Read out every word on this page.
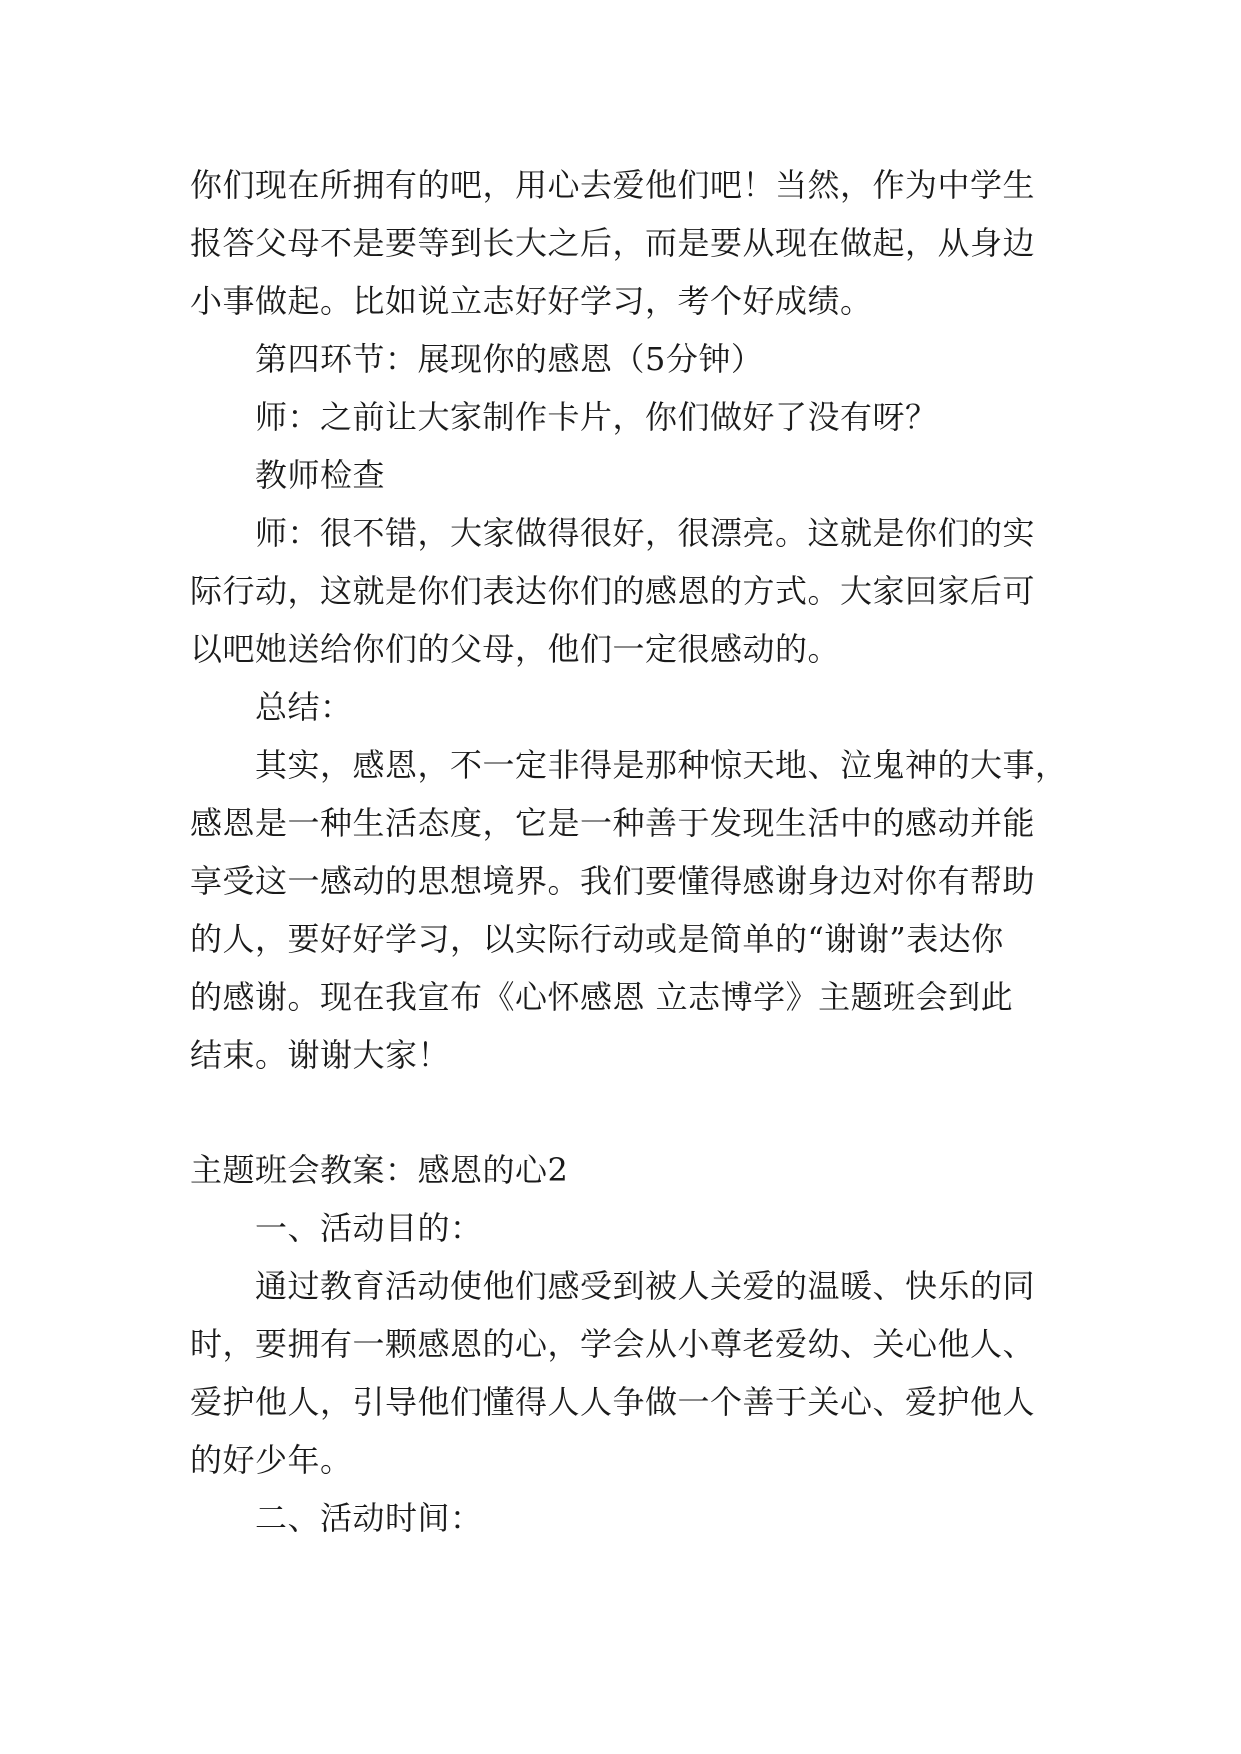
你们现在所拥有的吧，用心去爱他们吧！当然，作为中学生
报答父母不是要等到长大之后，而是要从现在做起，从身边
小事做起。比如说立志好好学习，考个好成绩。
第四环节：展现你的感恩（5分钟）
师：之前让大家制作卡片，你们做好了没有呀？
教师检查
师：很不错，大家做得很好，很漂亮。这就是你们的实
际行动，这就是你们表达你们的感恩的方式。大家回家后可
以吧她送给你们的父母，他们一定很感动的。
总结：
其实，感恩，不一定非得是那种惊天地、泣鬼神的大事，
感恩是一种生活态度，它是一种善于发现生活中的感动并能
享受这一感动的思想境界。我们要懂得感谢身边对你有帮助
的人，要好好学习，以实际行动或是简单的“谢谢”表达你
的感谢。现在我宣布《心怀感恩 立志博学》主题班会到此
结束。谢谢大家！
主题班会教案：感恩的心2
一、活动目的：
通过教育活动使他们感受到被人关爱的温暖、快乐的同
时，要拥有一颗感恩的心，学会从小尊老爱幼、关心他人、
爱护他人，引导他们懂得人人争做一个善于关心、爱护他人
的好少年。
二、活动时间：
